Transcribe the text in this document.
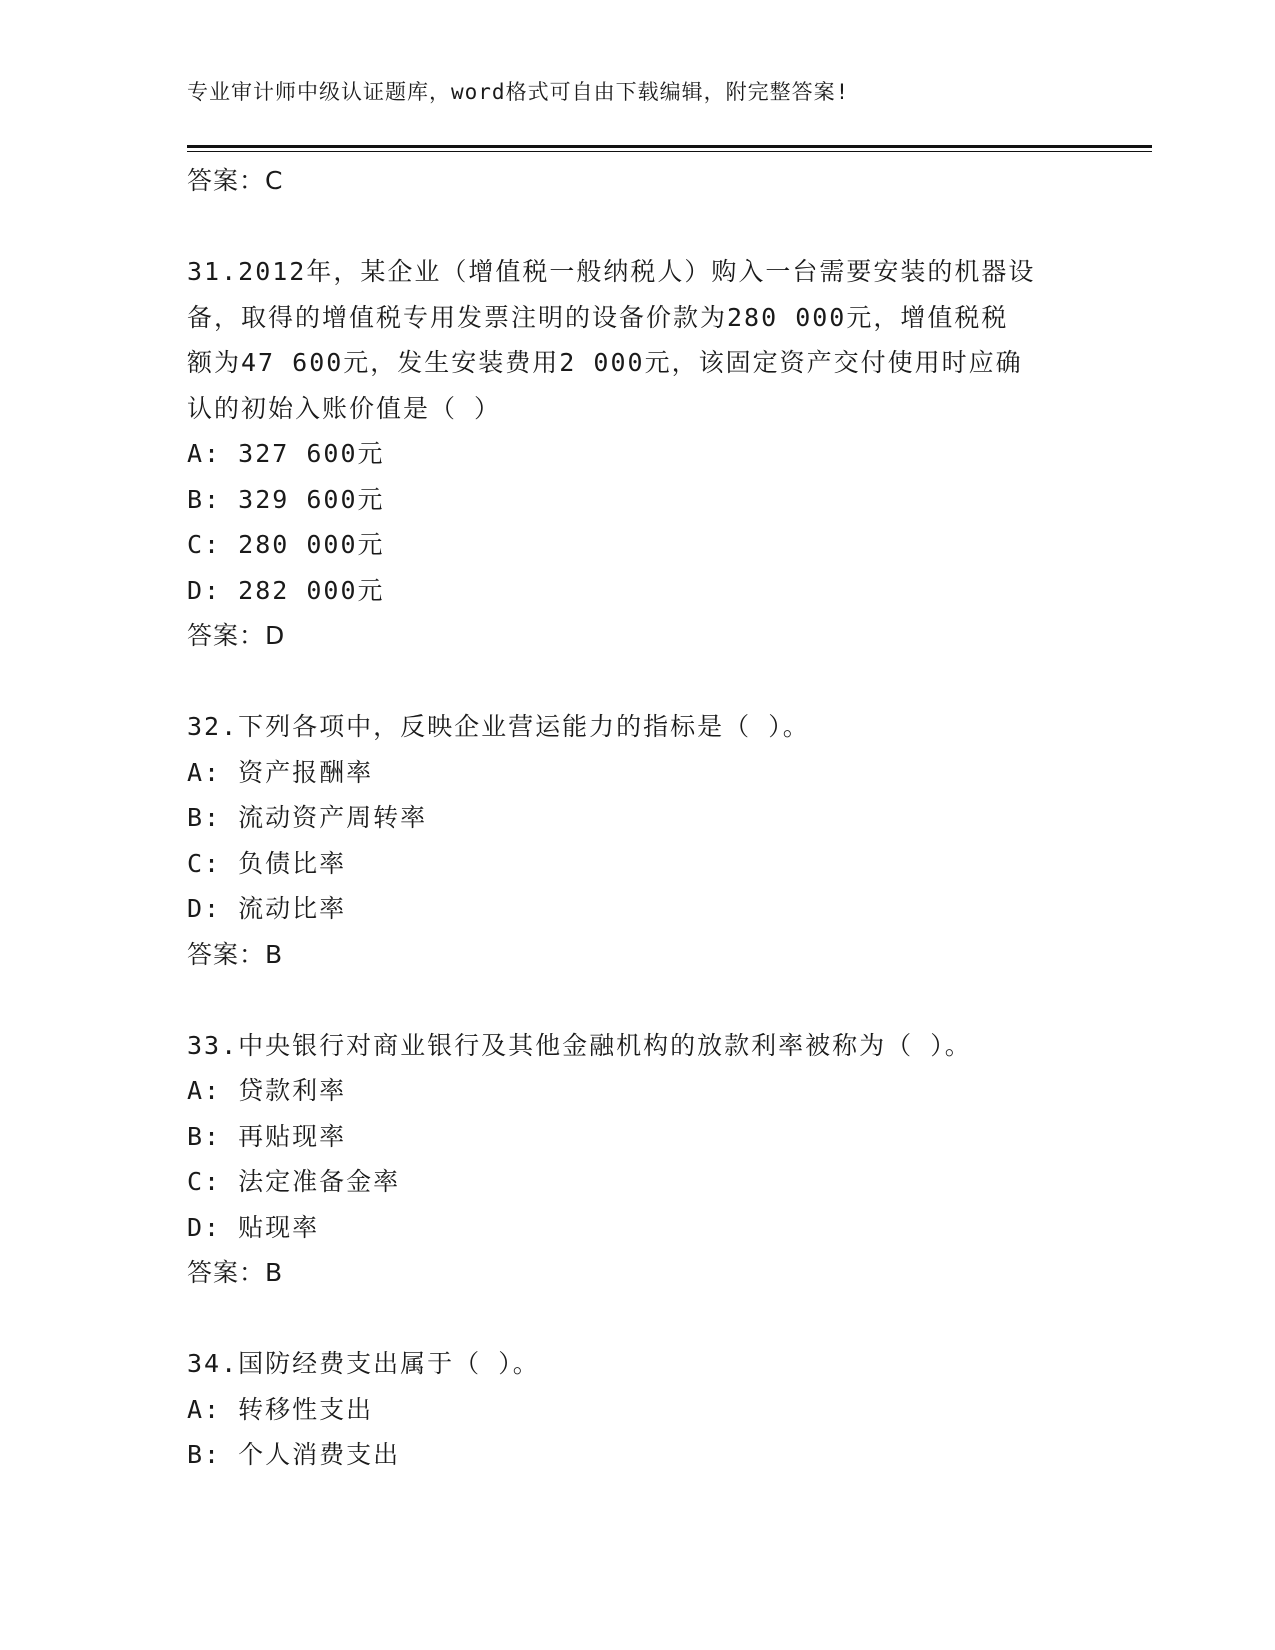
专业审计师中级认证题库，word格式可自由下载编辑，附完整答案!
答案：C
31.2012年，某企业（增值税一般纳税人）购入一台需要安装的机器设
备，取得的增值税专用发票注明的设备价款为280 000元，增值税税
额为47 600元，发生安装费用2 000元，该固定资产交付使用时应确
认的初始入账价值是（ ）
A: 327 600元
B: 329 600元
C: 280 000元
D: 282 000元
答案：D
32.下列各项中，反映企业营运能力的指标是（ ）。
A: 资产报酬率
B: 流动资产周转率
C: 负债比率
D: 流动比率
答案：B
33.中央银行对商业银行及其他金融机构的放款利率被称为（ ）。
A: 贷款利率
B: 再贴现率
C: 法定准备金率
D: 贴现率
答案：B
34.国防经费支出属于（ ）。
A: 转移性支出
B: 个人消费支出
